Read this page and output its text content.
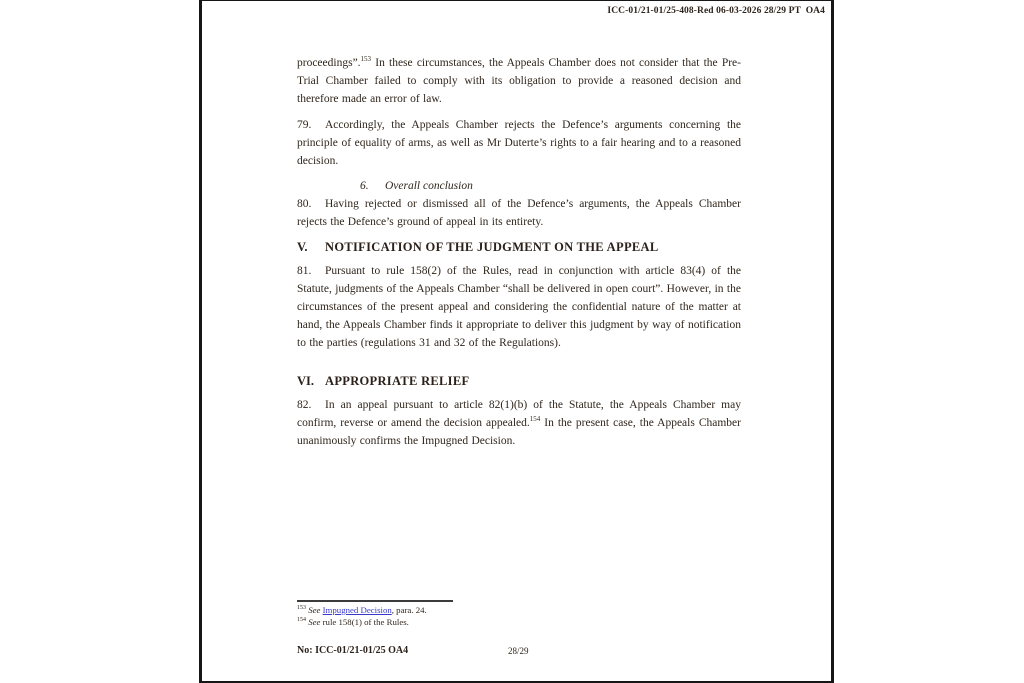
ICC-01/21-01/25-408-Red 06-03-2026 28/29 PT  OA4
proceedings”.$^{153}$ In these circumstances, the Appeals Chamber does not consider that the Pre-Trial Chamber failed to comply with its obligation to provide a reasoned decision and therefore made an error of law.
79. Accordingly, the Appeals Chamber rejects the Defence’s arguments concerning the principle of equality of arms, as well as Mr Duterte’s rights to a fair hearing and to a reasoned decision.
6. Overall conclusion
80. Having rejected or dismissed all of the Defence’s arguments, the Appeals Chamber rejects the Defence’s ground of appeal in its entirety.
V. NOTIFICATION OF THE JUDGMENT ON THE APPEAL
81. Pursuant to rule 158(2) of the Rules, read in conjunction with article 83(4) of the Statute, judgments of the Appeals Chamber “shall be delivered in open court”. However, in the circumstances of the present appeal and considering the confidential nature of the matter at hand, the Appeals Chamber finds it appropriate to deliver this judgment by way of notification to the parties (regulations 31 and 32 of the Regulations).
VI. APPROPRIATE RELIEF
82. In an appeal pursuant to article 82(1)(b) of the Statute, the Appeals Chamber may confirm, reverse or amend the decision appealed.$^{154}$ In the present case, the Appeals Chamber unanimously confirms the Impugned Decision.
$^{153}$ See Impugned Decision, para. 24.
$^{154}$ See rule 158(1) of the Rules.
No: ICC-01/21-01/25 OA4	28/29
